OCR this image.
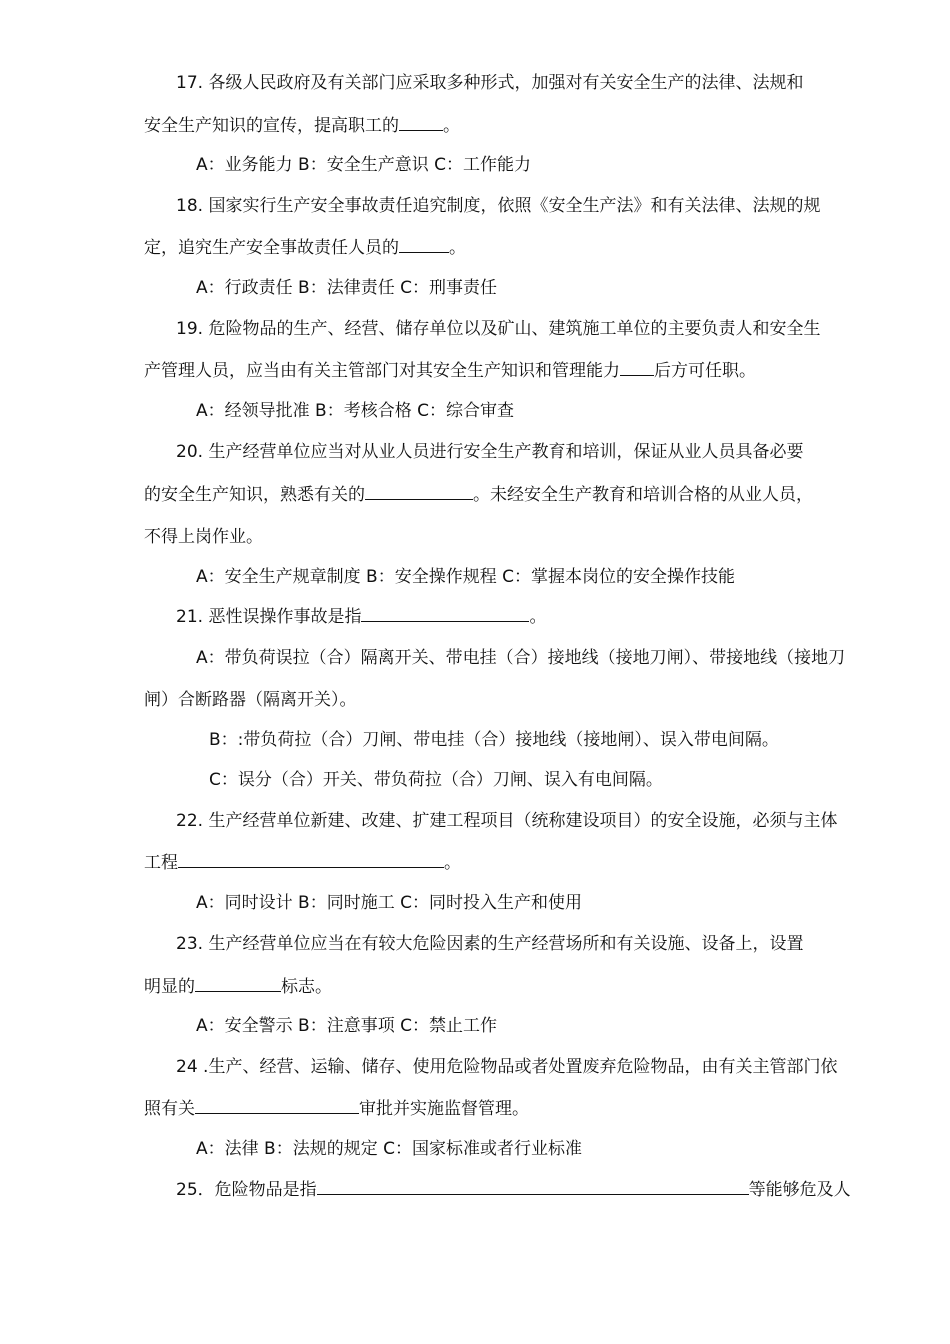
17. 各级人民政府及有关部门应采取多种形式，加强对有关安全生产的法律、法规和
安全生产知识的宣传，提高职工的	。
A：业务能力 B：安全生产意识 C：工作能力
18. 国家实行生产安全事故责任追究制度，依照《安全生产法》和有关法律、法规的规
定，追究生产安全事故责任人员的	。
A：行政责任 B：法律责任 C：刑事责任
19. 危险物品的生产、经营、储存单位以及矿山、建筑施工单位的主要负责人和安全生
产管理人员，应当由有关主管部门对其安全生产知识和管理能力 后方可任职。
A：经领导批准 B：考核合格 C：综合审查
20. 生产经营单位应当对从业人员进行安全生产教育和培训，保证从业人员具备必要
的安全生产知识，熟悉有关的	。未经安全生产教育和培训合格的从业人员，
不得上岗作业。
A：安全生产规章制度 B：安全操作规程 C：掌握本岗位的安全操作技能
21. 恶性误操作事故是指	。
A：带负荷误拉（合）隔离开关、带电挂（合）接地线（接地刀闸）、带接地线（接地刀
闸）合断路器（隔离开关）。
B：:带负荷拉（合）刀闸、带电挂（合）接地线（接地闸）、误入带电间隔。
C：误分（合）开关、带负荷拉（合）刀闸、误入有电间隔。
22. 生产经营单位新建、改建、扩建工程项目（统称建设项目）的安全设施，必须与主体
工程	。
A：同时设计 B：同时施工 C：同时投入生产和使用
23. 生产经营单位应当在有较大危险因素的生产经营场所和有关设施、设备上，设置
明显的	标志。
A：安全警示 B：注意事项 C：禁止工作
24 .生产、经营、运输、储存、使用危险物品或者处置废弃危险物品，由有关主管部门依
照有关	审批并实施监督管理。
A：法律 B：法规的规定 C：国家标准或者行业标准
25．危险物品是指	等能够危及人
